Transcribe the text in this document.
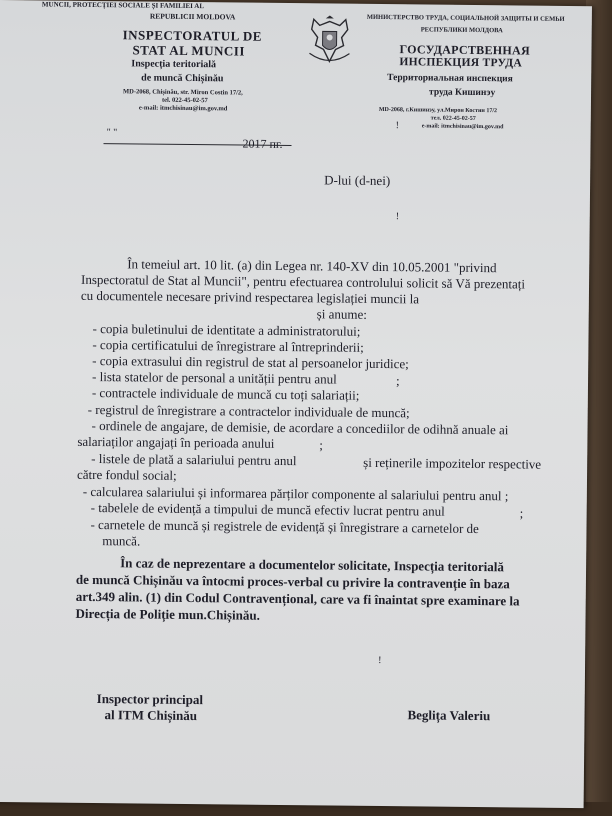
MUNCII, PROTECȚIEI SOCIALE ȘI FAMILIEI AL
REPUBLICII MOLDOVA
INSPECTORATUL DE
STAT AL MUNCII
Inspecția teritorială
de muncă Chișinău
MD-2068, Chișinău, str. Miron Costin 17/2,
tel. 022-45-02-57
e-mail: itmchisinau@im.gov.md
МИНИСТЕРСТВО ТРУДА, СОЦИАЛЬНОЙ ЗАЩИТЫ И СЕМЬИ
РЕСПУБЛИКИ МОЛДОВА
ГОСУДАРСТВЕННАЯ
ИНСПЕКЦИЯ ТРУДА
Территориальная инспекция
труда Кишинэу
MD-2068, г.Кишинэу, ул.Мирон Костин 17/2
тел. 022-45-02-57
e-mail: itmchisinau@im.gov.md
" "
2017 пг.
D-lui (d-nei)
!
În temeiul art. 10 lit. (a) din Legea nr. 140-XV din 10.05.2001 "privind
Inspectoratul de Stat al Muncii", pentru efectuarea controlului solicit să Vă prezentați
cu documentele necesare privind respectarea legislației muncii la
și anume:
- copia buletinului de identitate a administratorului;
- copia certificatului de înregistrare al întreprinderii;
- copia extrasului din registrul de stat al persoanelor juridice;
- lista statelor de personal a unității pentru anul	;
- contractele individuale de muncă cu toți salariații;
- registrul de înregistrare a contractelor individuale de muncă;
- ordinele de angajare, de demisie, de acordare a concediilor de odihnă anuale ai
salariaților angajați în perioada anului	;
- listele de plată a salariului pentru anul	și reținerile impozitelor respective
către fondul social;
- calcularea salariului și informarea părților componente al salariului pentru anul ;
- tabelele de evidență a timpului de muncă efectiv lucrat pentru anul	;
- carnetele de muncă și registrele de evidență și înregistrare a carnetelor de
muncă.
În caz de neprezentare a documentelor solicitate, Inspecția teritorială
de muncă Chișinău va întocmi proces-verbal cu privire la contravenție în baza
art.349 alin. (1) din Codul Contravențional, care va fi înaintat spre examinare la
Direcția de Poliție mun.Chișinău.
!
!
Inspector principal
al ITM Chișinău	Beglița Valeriu
